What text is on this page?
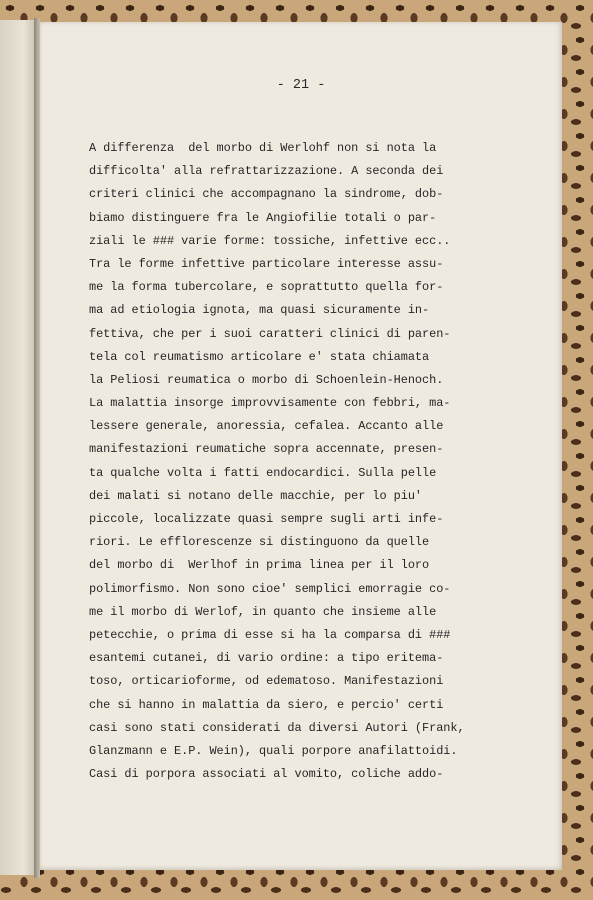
- 21 -
A differenza  del morbo di Werlohf non si nota la
difficolta' alla refrattarizzazione. A seconda dei
criteri clinici che accompagnano la sindrome, dob-
biamo distinguere fra le Angiofilie totali o par-
ziali le ### varie forme: tossiche, infettive ecc..
Tra le forme infettive particolare interesse assu-
me la forma tubercolare, e soprattutto quella for-
ma ad etiologia ignota, ma quasi sicuramente in-
fettiva, che per i suoi caratteri clinici di paren-
tela col reumatismo articolare e' stata chiamata
la Peliosi reumatica o morbo di Schoenlein-Henoch.
La malattia insorge improvvisamente con febbri, ma-
lessere generale, anoressia, cefalea. Accanto alle
manifestazioni reumatiche sopra accennate, presen-
ta qualche volta i fatti endocardici. Sulla pelle
dei malati si notano delle macchie, per lo piu'
piccole, localizzate quasi sempre sugli arti infe-
riori. Le efflorescenze si distinguono da quelle
del morbo di  Werlhof in prima linea per il loro
polimorfismo. Non sono cioe' semplici emorragie co-
me il morbo di Werlof, in quanto che insieme alle
petecchie, o prima di esse si ha la comparsa di ###
esantemi cutanei, di vario ordine: a tipo eritema-
toso, orticarioforme, od edematoso. Manifestazioni
che si hanno in malattia da siero, e percio' certi
casi sono stati considerati da diversi Autori (Frank,
Glanzmann e E.P. Wein), quali porpore anafilattoidi.
Casi di porpora associati al vomito, coliche addo-
